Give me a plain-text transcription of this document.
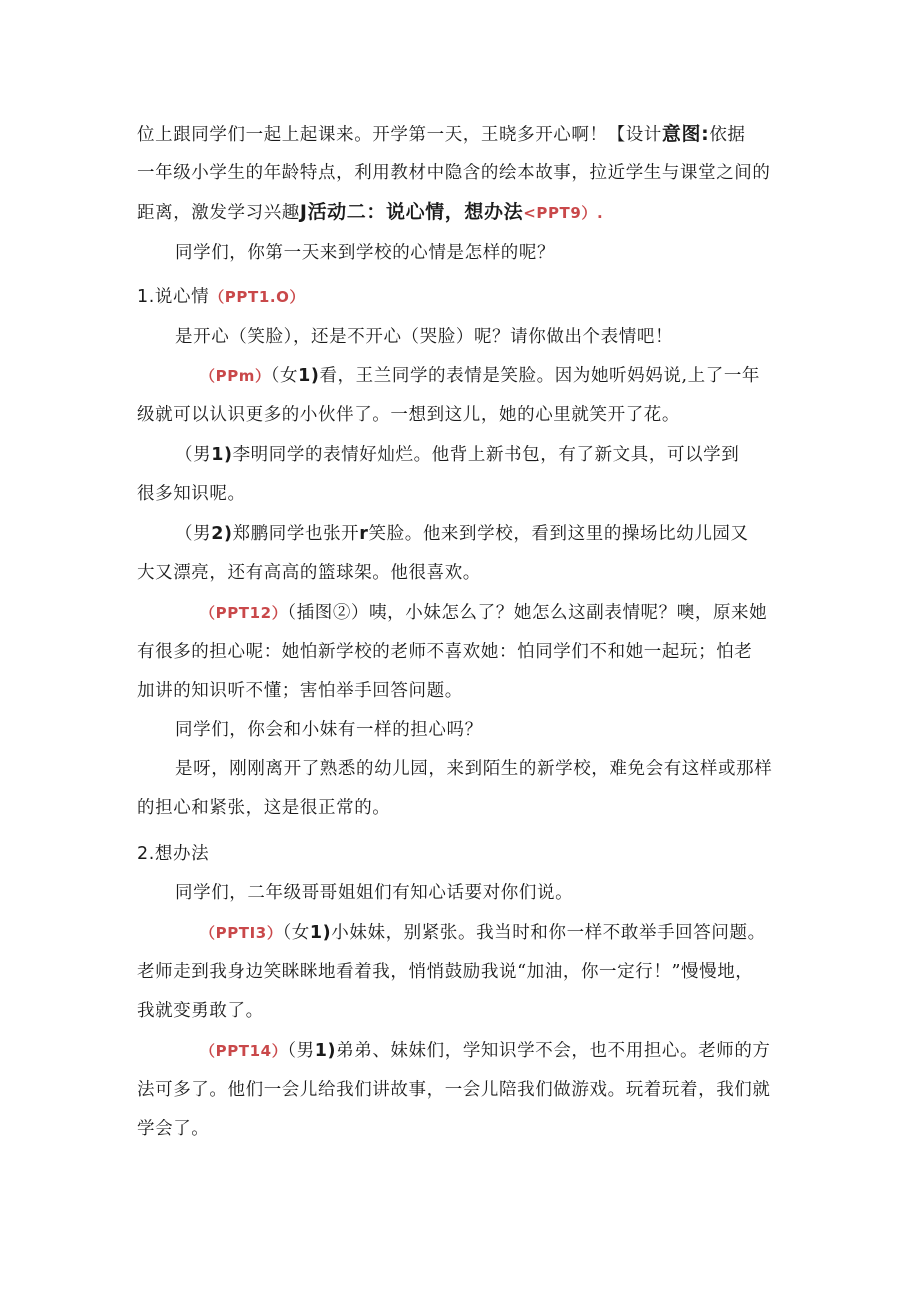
位上跟同学们一起上起课来。开学第一天，王晓多开心啊！【设计意图:依据
一年级小学生的年龄特点，利用教材中隐含的绘本故事，拉近学生与课堂之间的
距离，激发学习兴趣J活动二：说心情，想办法<PPT9）.
同学们，你第一天来到学校的心情是怎样的呢？
1.说心情（PPT1.O）
是开心（笑脸），还是不开心（哭脸）呢？请你做出个表情吧！
（PPm）（女1)看，王兰同学的表情是笑脸。因为她听妈妈说,上了一年
级就可以认识更多的小伙伴了。一想到这儿，她的心里就笑开了花。
（男1)李明同学的表情好灿烂。他背上新书包，有了新文具，可以学到
很多知识呢。
（男2)郑鹏同学也张开r笑脸。他来到学校，看到这里的操场比幼儿园又
大又漂亮，还有高高的篮球架。他很喜欢。
（PPT12）（插图②）咦，小妹怎么了？她怎么这副表情呢？噢，原来她
有很多的担心呢：她怕新学校的老师不喜欢她：怕同学们不和她一起玩；怕老
加讲的知识听不懂；害怕举手回答问题。
同学们，你会和小妹有一样的担心吗？
是呀，刚刚离开了熟悉的幼儿园，来到陌生的新学校，难免会有这样或那样
的担心和紧张，这是很正常的。
2.想办法
同学们，二年级哥哥姐姐们有知心话要对你们说。
（PPTI3）（女1)小妹妹，别紧张。我当时和你一样不敢举手回答问题。
老师走到我身边笑眯眯地看着我，悄悄鼓励我说“加油，你一定行！”慢慢地，
我就变勇敢了。
（PPT14）（男1)弟弟、妹妹们，学知识学不会，也不用担心。老师的方
法可多了。他们一会儿给我们讲故事，一会儿陪我们做游戏。玩着玩着，我们就
学会了。
